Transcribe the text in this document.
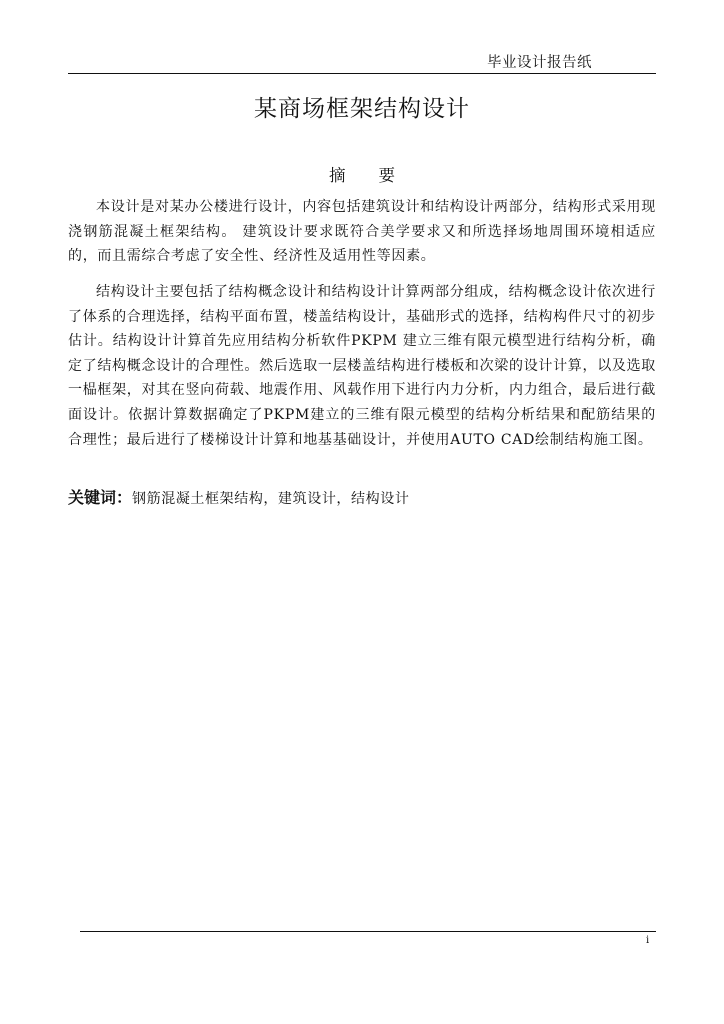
毕业设计报告纸
某商场框架结构设计
摘　　要

本设计是对某办公楼进行设计，内容包括建筑设计和结构设计两部分，结构形式采用现浇钢筋混凝土框架结构。 建筑设计要求既符合美学要求又和所选择场地周围环境相适应的，而且需综合考虑了安全性、经济性及适用性等因素。

结构设计主要包括了结构概念设计和结构设计计算两部分组成，结构概念设计依次进行了体系的合理选择，结构平面布置，楼盖结构设计，基础形式的选择，结构构件尺寸的初步估计。结构设计计算首先应用结构分析软件PKPM 建立三维有限元模型进行结构分析，确定了结构概念设计的合理性。然后选取一层楼盖结构进行楼板和次梁的设计计算，以及选取一榀框架，对其在竖向荷载、地震作用、风载作用下进行内力分析，内力组合，最后进行截面设计。依据计算数据确定了PKPM建立的三维有限元模型的结构分析结果和配筋结果的合理性；最后进行了楼梯设计计算和地基基础设计，并使用AUTO CAD绘制结构施工图。

关键词：钢筋混凝土框架结构，建筑设计，结构设计
i
